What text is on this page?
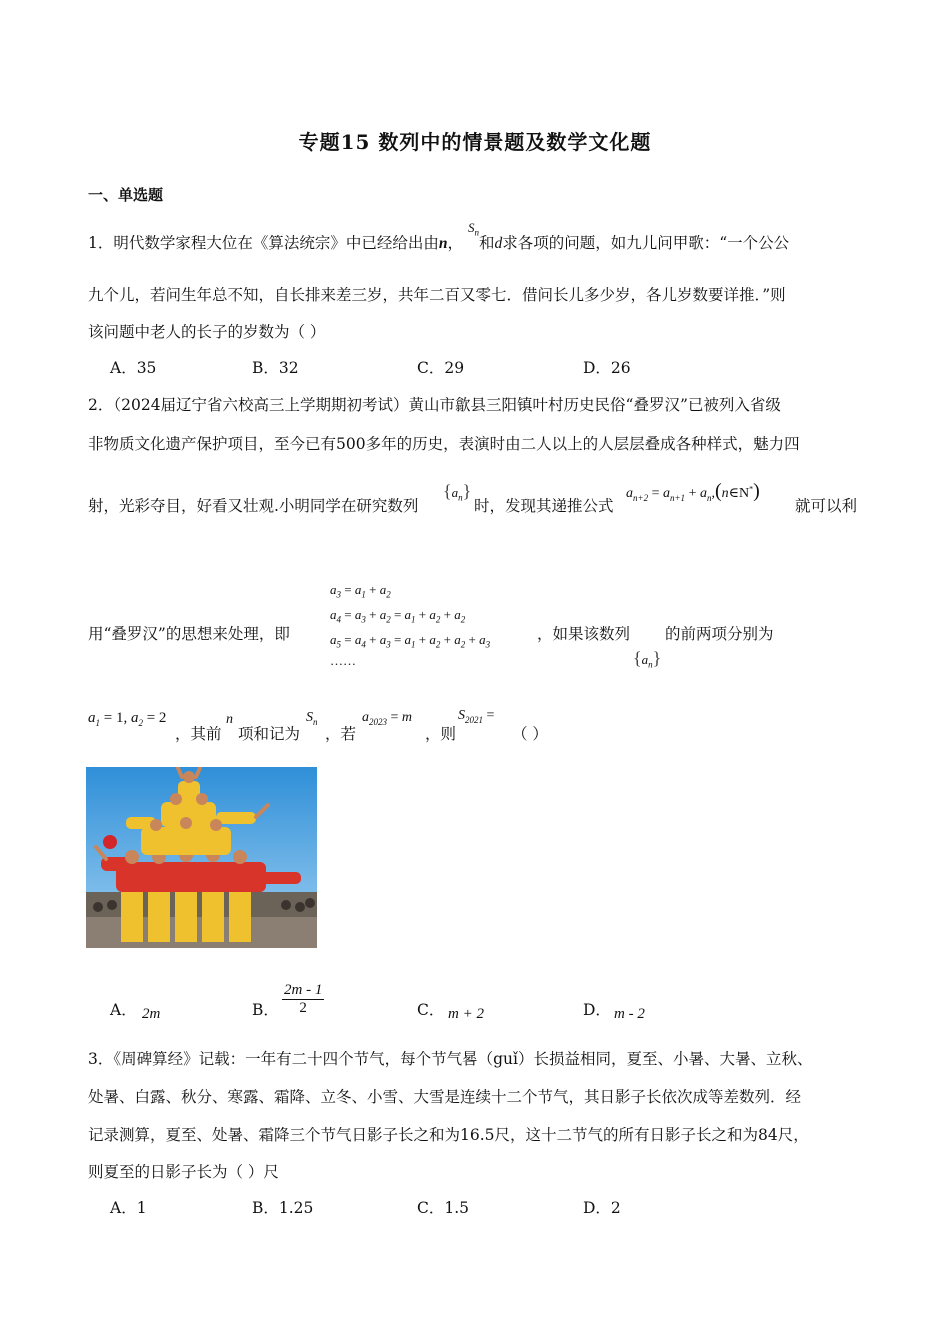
专题15 数列中的情景题及数学文化题
一、单选题
1．明代数学家程大位在《算法统宗》中已经给出由n， $^{S_n}$和d求各项的问题，如九儿问甲歌：“一个公公
九个儿，若问生年总不知，自长排来差三岁，共年二百又零七．借问长儿多少岁，各儿岁数要详推．”则
该问题中老人的长子的岁数为（ ）
A．35	B．32	C．29	D．26
2．（2024届辽宁省六校高三上学期期初考试）黄山市歙县三阳镇叶村历史民俗“叠罗汉”已被列入省级
非物质文化遗产保护项目，至今已有500多年的历史，表演时由二人以上的人层层叠成各种样式，魅力四
射，光彩夺目，好看又壮观.小明同学在研究数列
$\{a_n\}$
时，发现其递推公式
$a_{n+2} = a_{n+1}$ + $a_n,(n\in N^*)$
就可以利
$a_3 = a_1 + a_2$
$a_4 = a_3 + a_2 = a_1 + a_2 + a_2$
$a_5 = a_4 + a_3 = a_1 + a_2 + a_2 + a_3$
……
用“叠罗汉”的思想来处理，即	，如果该数列 的前两项分别为
$\{a_n\}$
$a_1 = 1$, $a_2 = 2$
，其前
n
项和记为
$S_n$
，若
$a_{2023} = m$
，则
$S_{2021}$ =
（ ）
A． 2m	B． $\frac{2m - 1}{2}$	C． m + 2	D． m - 2
3．《周碑算经》记载：一年有二十四个节气，每个节气晷（guǐ）长损益相同，夏至、小暑、大暑、立秋、
处暑、白露、秋分、寒露、霜降、立冬、小雪、大雪是连续十二个节气，其日影子长依次成等差数列．经
记录测算，夏至、处暑、霜降三个节气日影子长之和为16.5尺，这十二节气的所有日影子长之和为84尺，
则夏至的日影子长为（ ）尺
A．1	B．1.25	C．1.5	D．2
